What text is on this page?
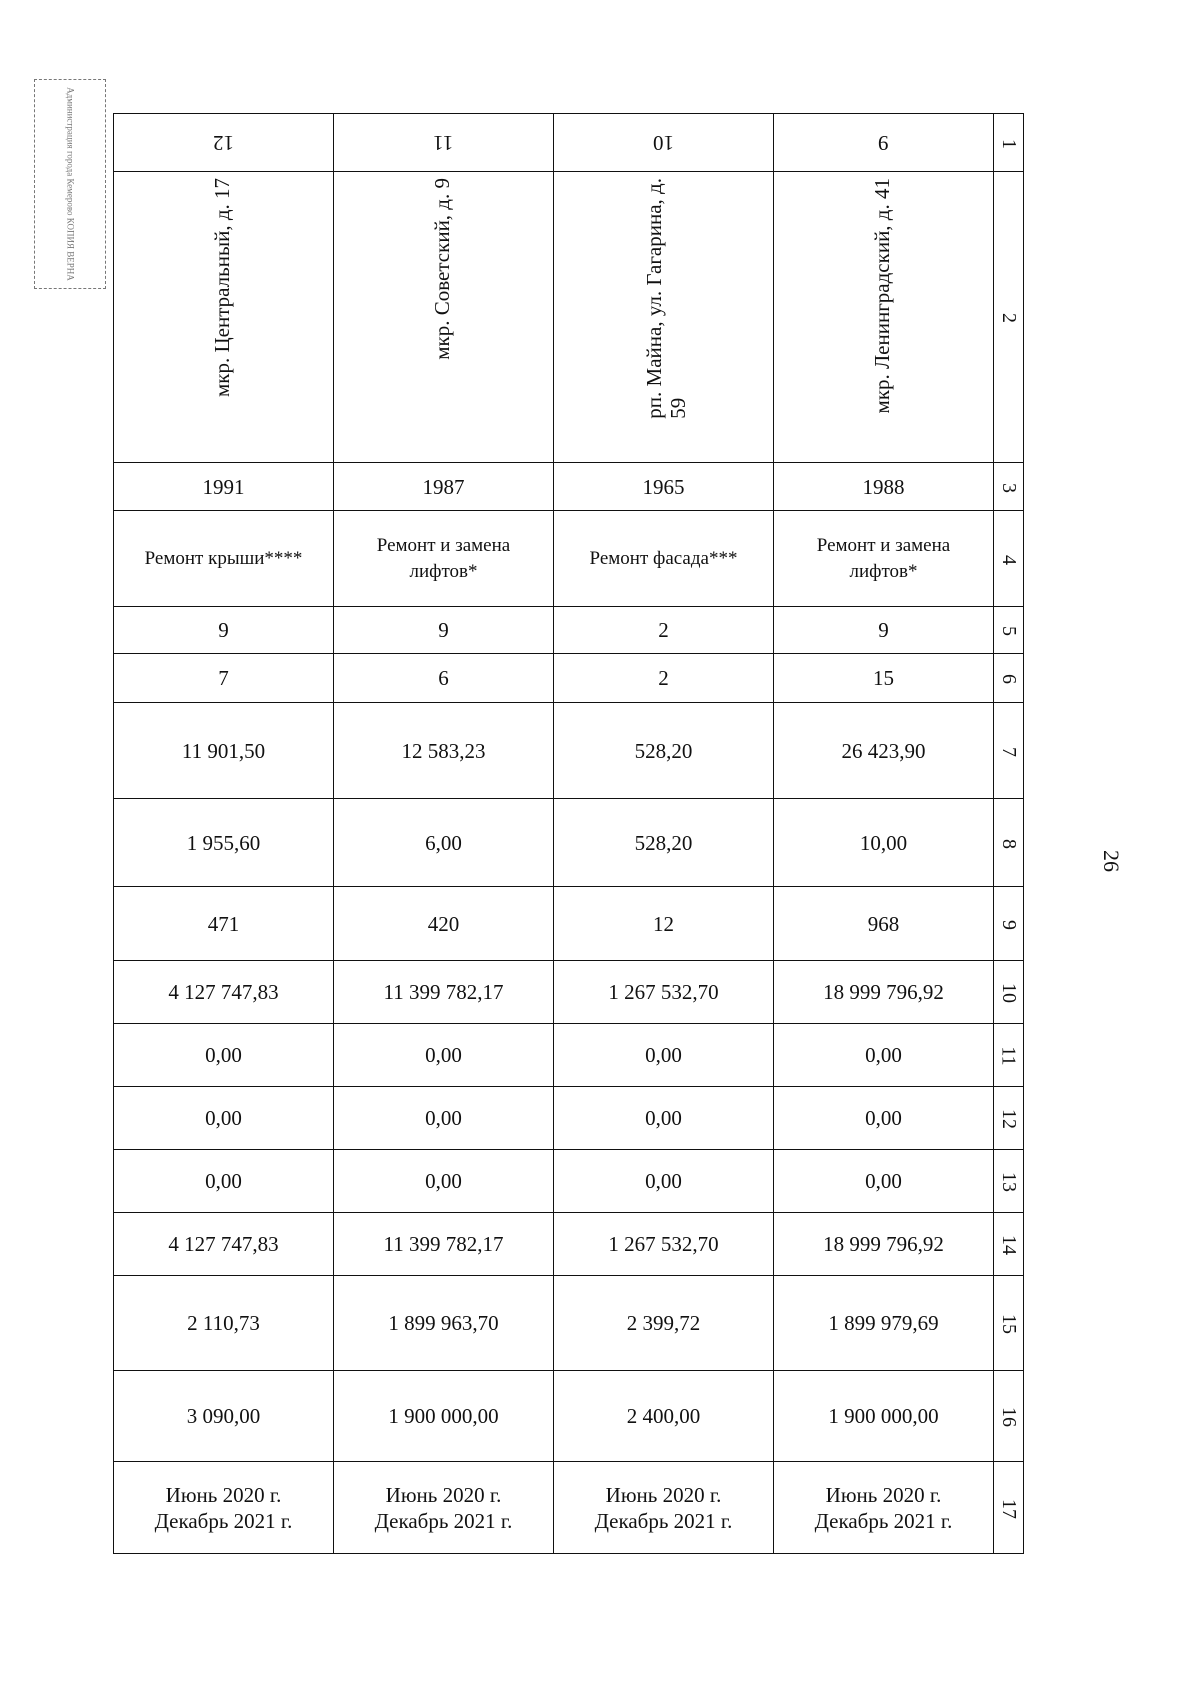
Администрация города Кемерово КОПИЯ ВЕРНА
26
12	11	10	9	1

мкр. Центральный, д. 17	мкр. Советский, д. 9	рп. Майна, ул. Гагарина, д.
59	мкр. Ленинградский, д. 41	2
1991	1987	1965	1988	3
Ремонт крыши****	Ремонт и замена
лифтов*	Ремонт фасада***	Ремонт и замена
лифтов*	4
9	9	2	9	5
7	6	2	15	6
11 901,50	12 583,23	528,20	26 423,90	7
1 955,60	6,00	528,20	10,00	8
471	420	12	968	9
4 127 747,83	11 399 782,17	1 267 532,70	18 999 796,92	10
0,00	0,00	0,00	0,00	11
0,00	0,00	0,00	0,00	12
0,00	0,00	0,00	0,00	13
4 127 747,83	11 399 782,17	1 267 532,70	18 999 796,92	14
2 110,73	1 899 963,70	2 399,72	1 899 979,69	15
3 090,00	1 900 000,00	2 400,00	1 900 000,00	16
Июнь 2020 г.
Декабрь 2021 г.	Июнь 2020 г.
Декабрь 2021 г.	Июнь 2020 г.
Декабрь 2021 г.	Июнь 2020 г.
Декабрь 2021 г.	17
